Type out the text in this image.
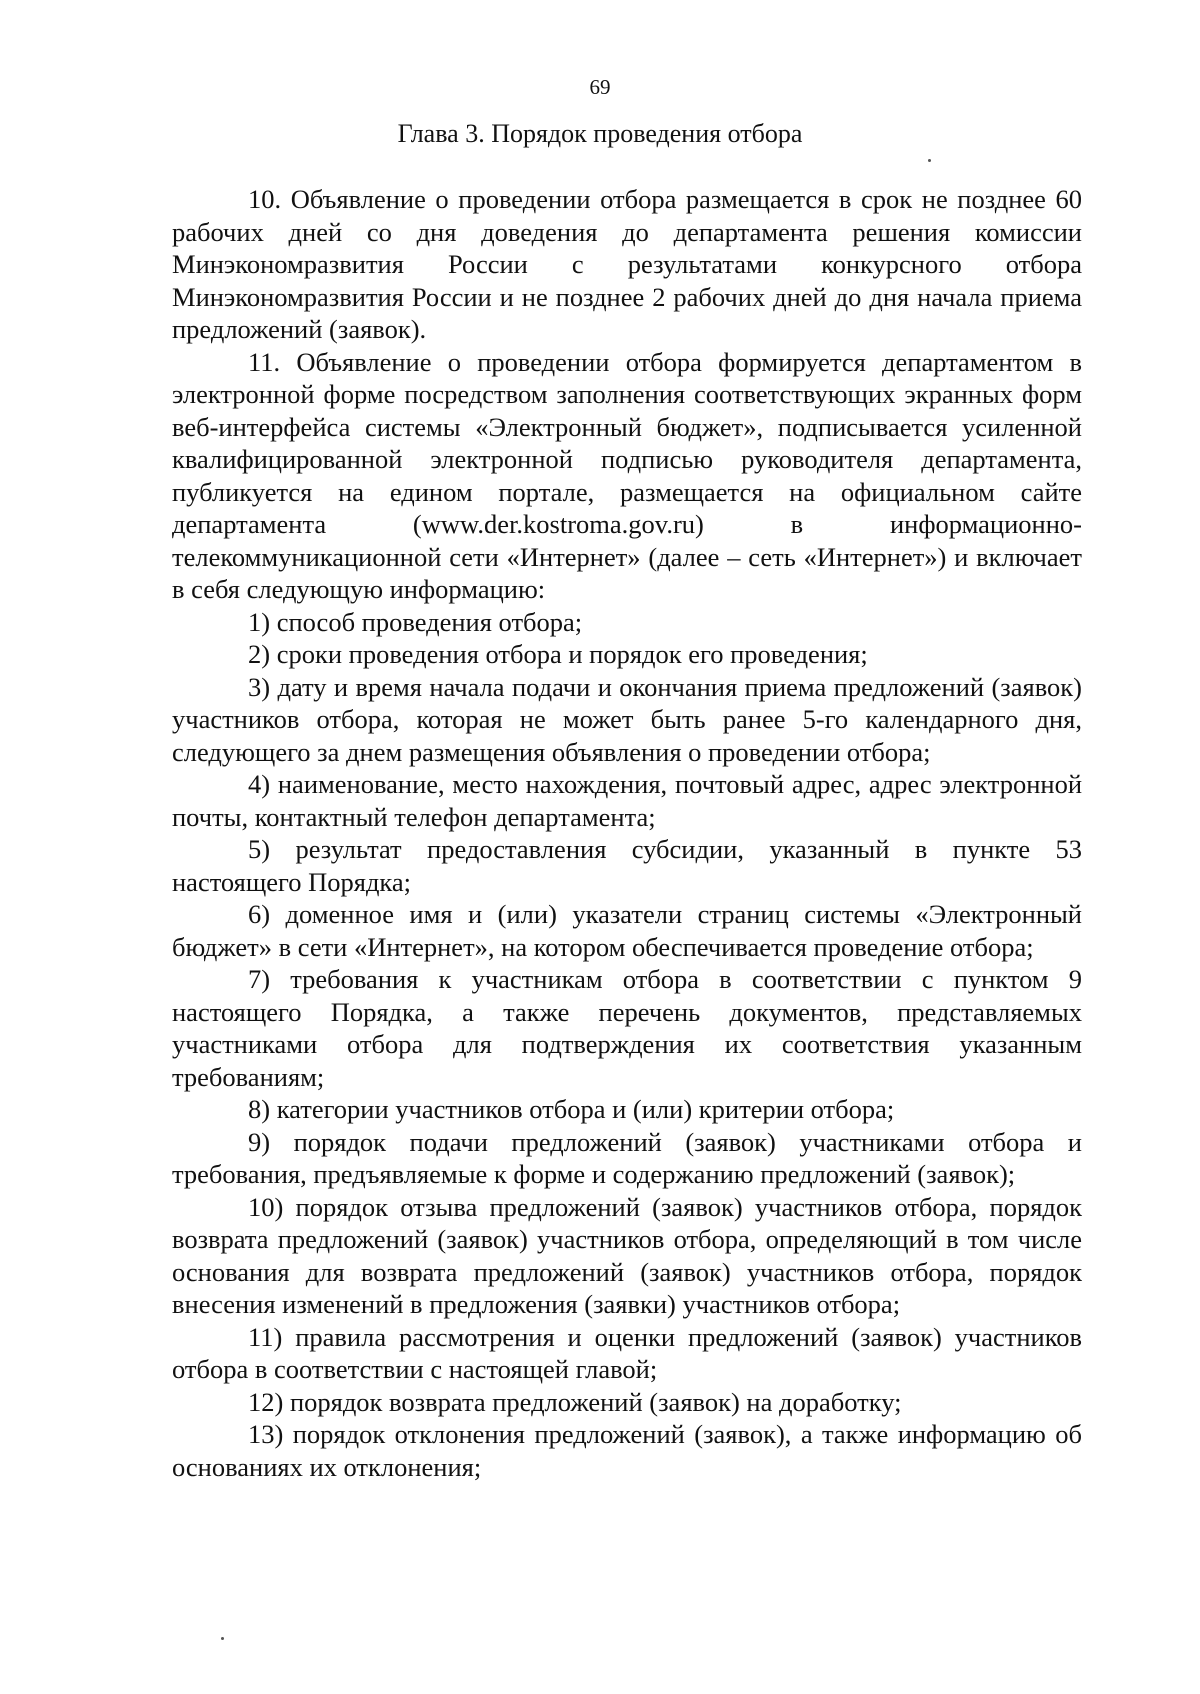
69
Глава 3. Порядок проведения отбора

10. Объявление о проведении отбора размещается в срок не позднее 60 рабочих дней со дня доведения до департамента решения комиссии Минэкономразвития России с результатами конкурсного отбора Минэкономразвития России и не позднее 2 рабочих дней до дня начала приема предложений (заявок).

11. Объявление о проведении отбора формируется департаментом в электронной форме посредством заполнения соответствующих экранных форм веб-интерфейса системы «Электронный бюджет», подписывается усиленной квалифицированной электронной подписью руководителя департамента, публикуется на едином портале, размещается на официальном сайте департамента (www.der.kostroma.gov.ru) в информационно-телекоммуникационной сети «Интернет» (далее – сеть «Интернет») и включает в себя следующую информацию:

1) способ проведения отбора;

2) сроки проведения отбора и порядок его проведения;

3) дату и время начала подачи и окончания приема предложений (заявок) участников отбора, которая не может быть ранее 5-го календарного дня, следующего за днем размещения объявления о проведении отбора;

4) наименование, место нахождения, почтовый адрес, адрес электронной почты, контактный телефон департамента;

5) результат предоставления субсидии, указанный в пункте 53 настоящего Порядка;

6) доменное имя и (или) указатели страниц системы «Электронный бюджет» в сети «Интернет», на котором обеспечивается проведение отбора;

7) требования к участникам отбора в соответствии с пунктом 9 настоящего Порядка, а также перечень документов, представляемых участниками отбора для подтверждения их соответствия указанным требованиям;

8) категории участников отбора и (или) критерии отбора;

9) порядок подачи предложений (заявок) участниками отбора и требования, предъявляемые к форме и содержанию предложений (заявок);

10) порядок отзыва предложений (заявок) участников отбора, порядок возврата предложений (заявок) участников отбора, определяющий в том числе основания для возврата предложений (заявок) участников отбора, порядок внесения изменений в предложения (заявки) участников отбора;

11) правила рассмотрения и оценки предложений (заявок) участников отбора в соответствии с настоящей главой;

12) порядок возврата предложений (заявок) на доработку;

13) порядок отклонения предложений (заявок), а также информацию об основаниях их отклонения;
